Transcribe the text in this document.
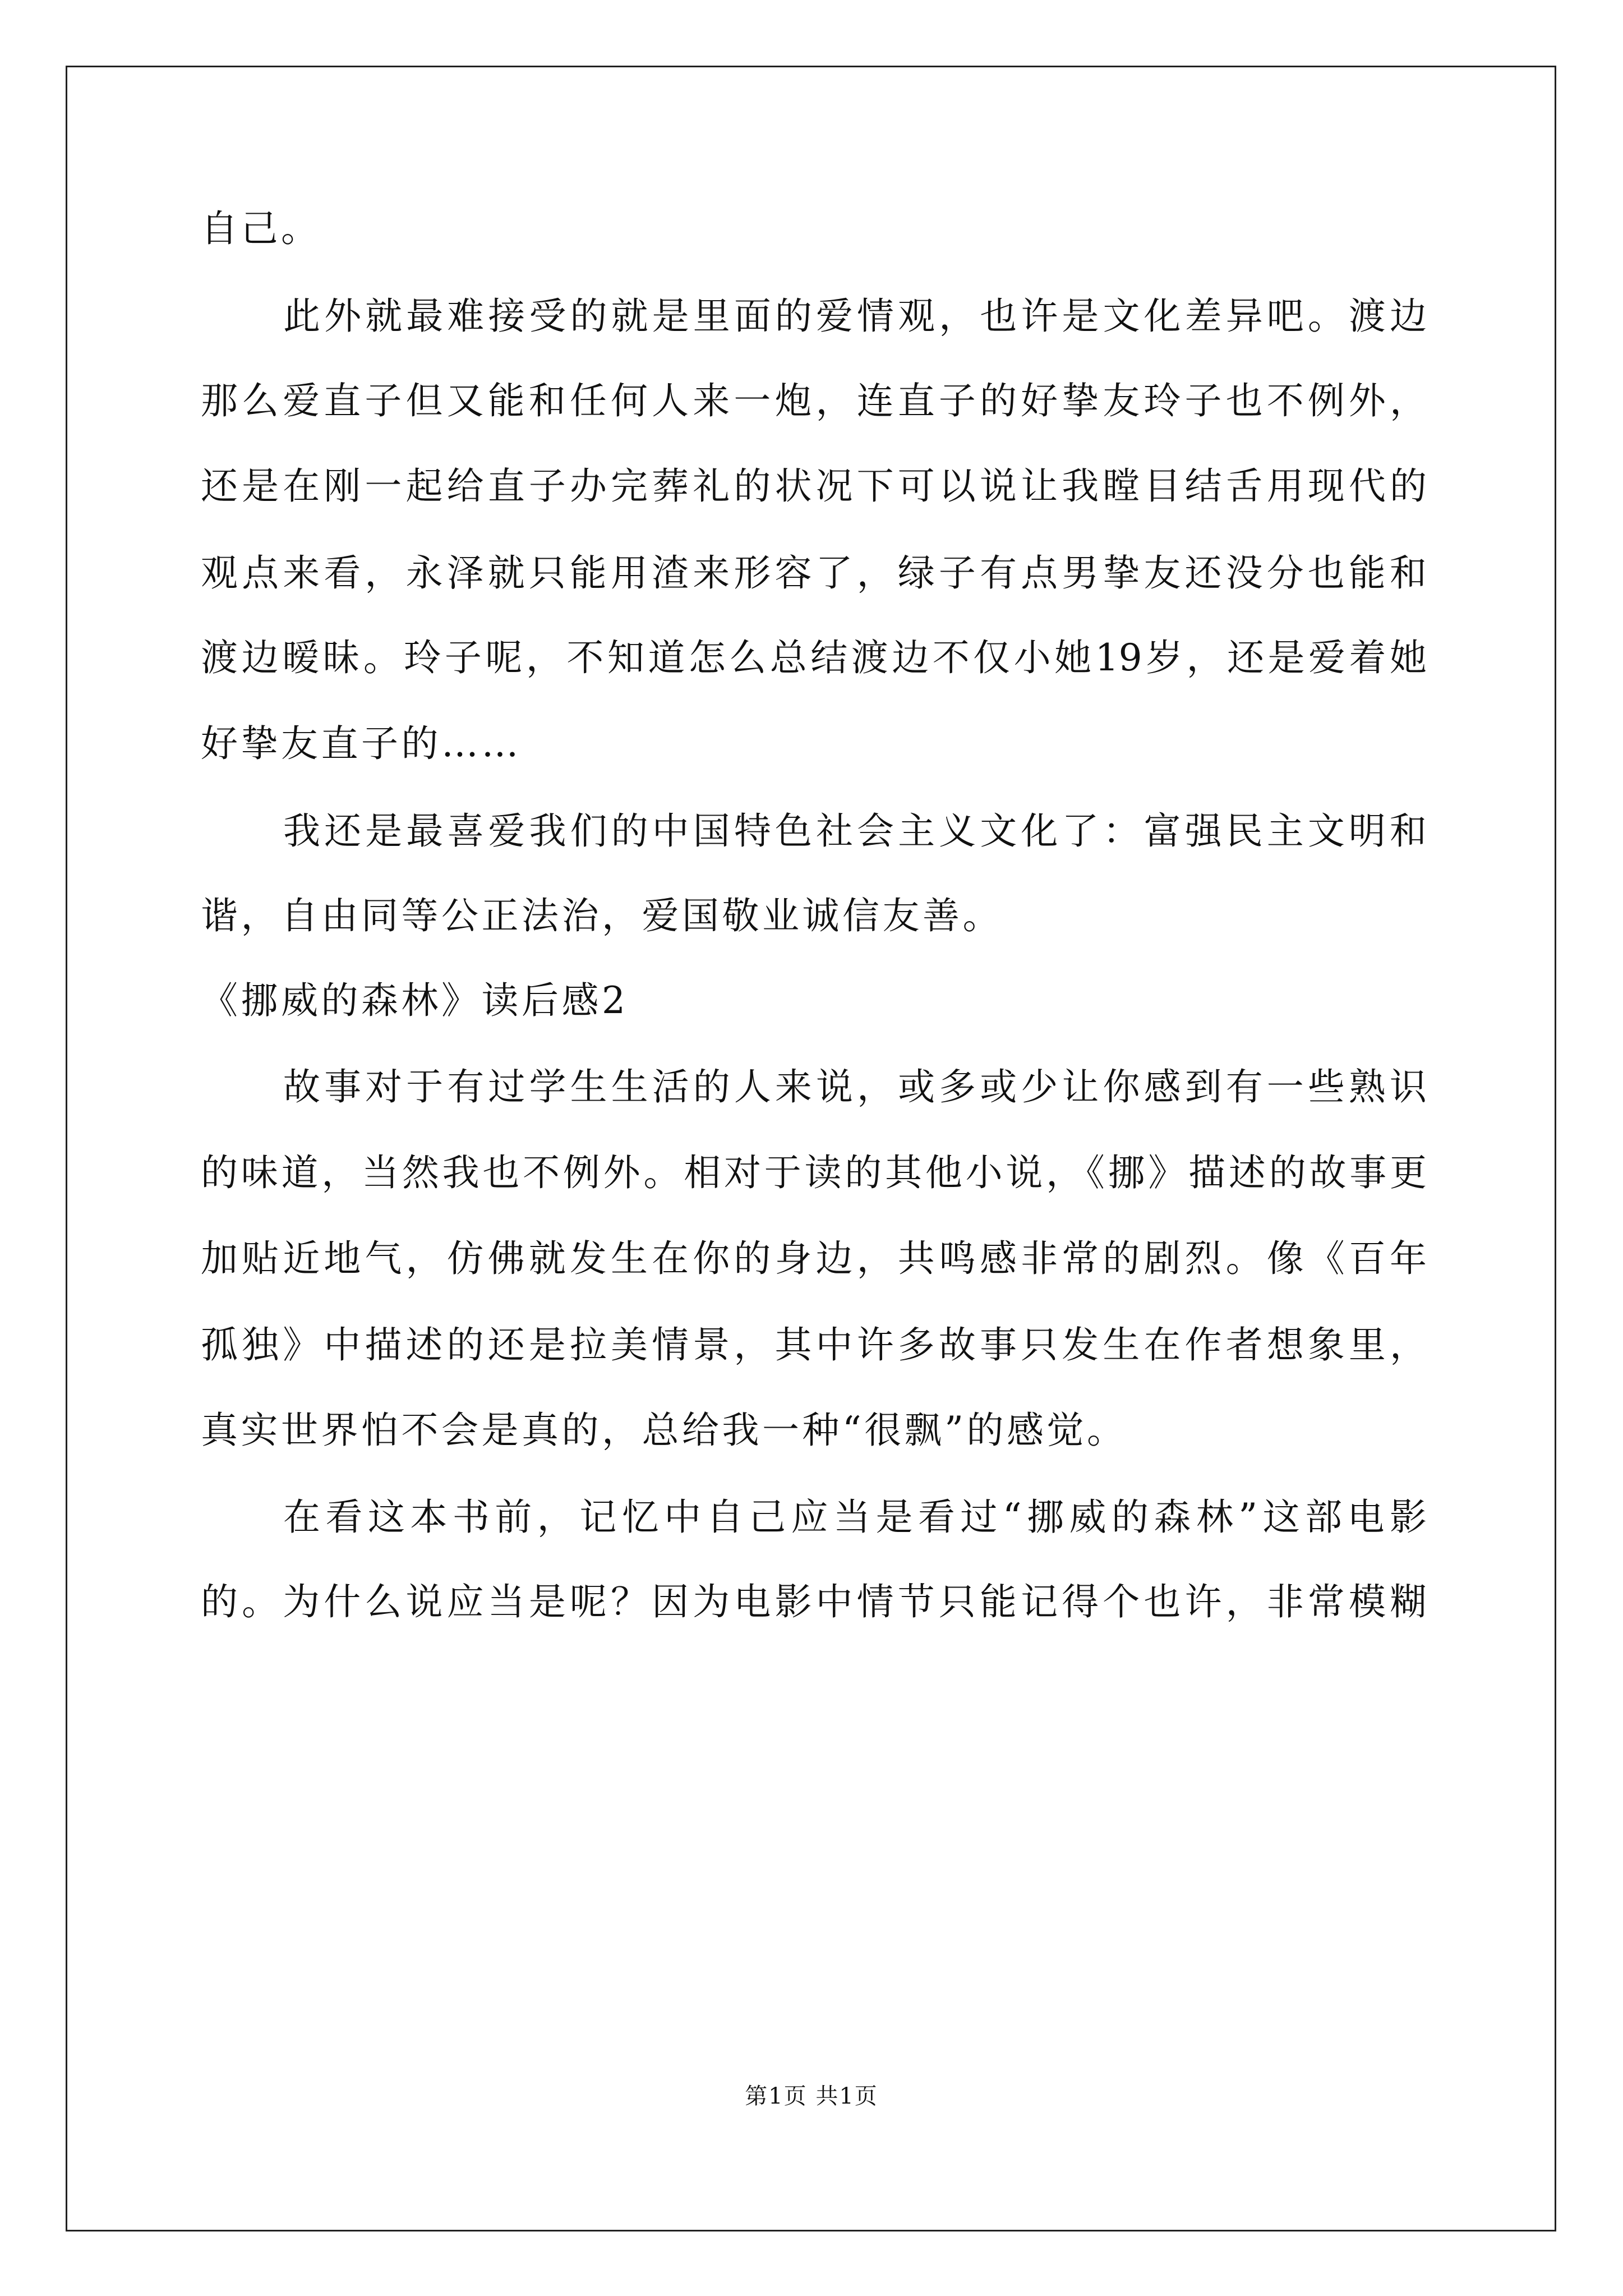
自己。
此外就最难接受的就是里面的爱情观，也许是文化差异吧。渡边
那么爱直子但又能和任何人来一炮，连直子的好挚友玲子也不例外，
还是在刚一起给直子办完葬礼的状况下可以说让我瞠目结舌用现代的
观点来看，永泽就只能用渣来形容了，绿子有点男挚友还没分也能和
渡边暧昧。玲子呢，不知道怎么总结渡边不仅小她19岁，还是爱着她
好挚友直子的……
我还是最喜爱我们的中国特色社会主义文化了：富强民主文明和
谐，自由同等公正法治，爱国敬业诚信友善。
《挪威的森林》读后感2
故事对于有过学生生活的人来说，或多或少让你感到有一些熟识
的味道，当然我也不例外。相对于读的其他小说，《挪》描述的故事更
加贴近地气，仿佛就发生在你的身边，共鸣感非常的剧烈。像《百年
孤独》中描述的还是拉美情景，其中许多故事只发生在作者想象里，
真实世界怕不会是真的，总给我一种“很飘”的感觉。
在看这本书前，记忆中自己应当是看过“挪威的森林”这部电影
的。为什么说应当是呢？因为电影中情节只能记得个也许，非常模糊
第1页 共1页
